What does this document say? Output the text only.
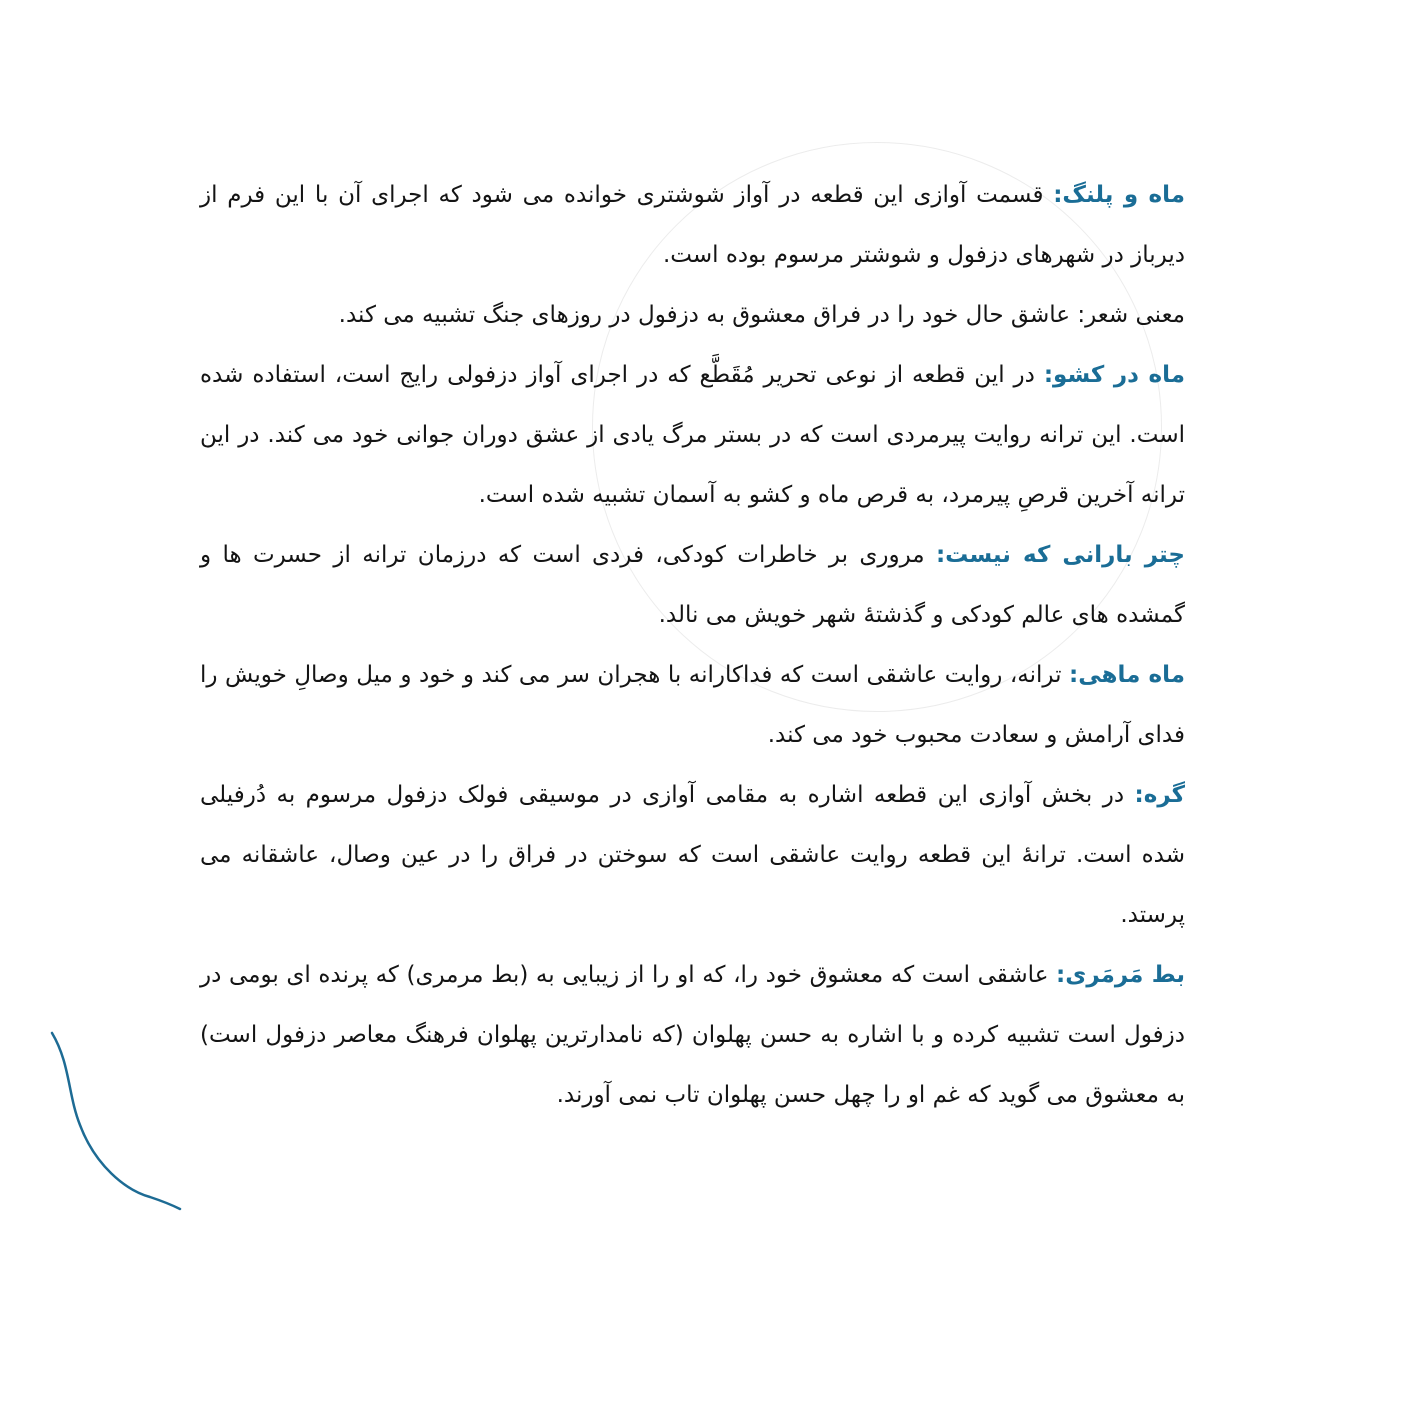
ماه و پلنگ: قسمت آوازی این قطعه در آواز شوشتری خوانده می شود که اجرای آن با این فرم از دیرباز در شهرهای دزفول و شوشتر مرسوم بوده است.

معنی شعر: عاشق حال خود را در فراق معشوق به دزفول در روزهای جنگ تشبیه می کند.

ماه در کشو: در این قطعه از نوعی تحریر مُقَطَّع که در اجرای آواز دزفولی رایج است، استفاده شده است. این ترانه روایت پیرمردی است که در بستر مرگ یادی از عشق دوران جوانی خود می کند. در این ترانه آخرین قرصِ پیرمرد، به قرص ماه و کشو به آسمان تشبیه شده است.

چتر بارانی که نیست: مروری بر خاطرات کودکی، فردی است که درزمان ترانه از حسرت ها و گمشده های عالم کودکی و گذشتهٔ شهر خویش می نالد.

ماه ماهی: ترانه، روایت عاشقی است که فداکارانه با هجران سر می کند و خود و میل وصالِ خویش را فدای آرامش و سعادت محبوب خود می کند.

گره: در بخش آوازی این قطعه اشاره به مقامی آوازی در موسیقی فولک دزفول مرسوم به دُرفیلی شده است. ترانهٔ این قطعه روایت عاشقی است که سوختن در فراق را در عین وصال، عاشقانه می پرستد.

بط مَرمَری: عاشقی است که معشوق خود را، که او را از زیبایی به (بط مرمری) که پرنده ای بومی در دزفول است تشبیه کرده و با اشاره به حسن پهلوان (که نامدارترین پهلوان فرهنگ معاصر دزفول است) به معشوق می گوید که غم او را چهل حسن پهلوان تاب نمی آورند.
